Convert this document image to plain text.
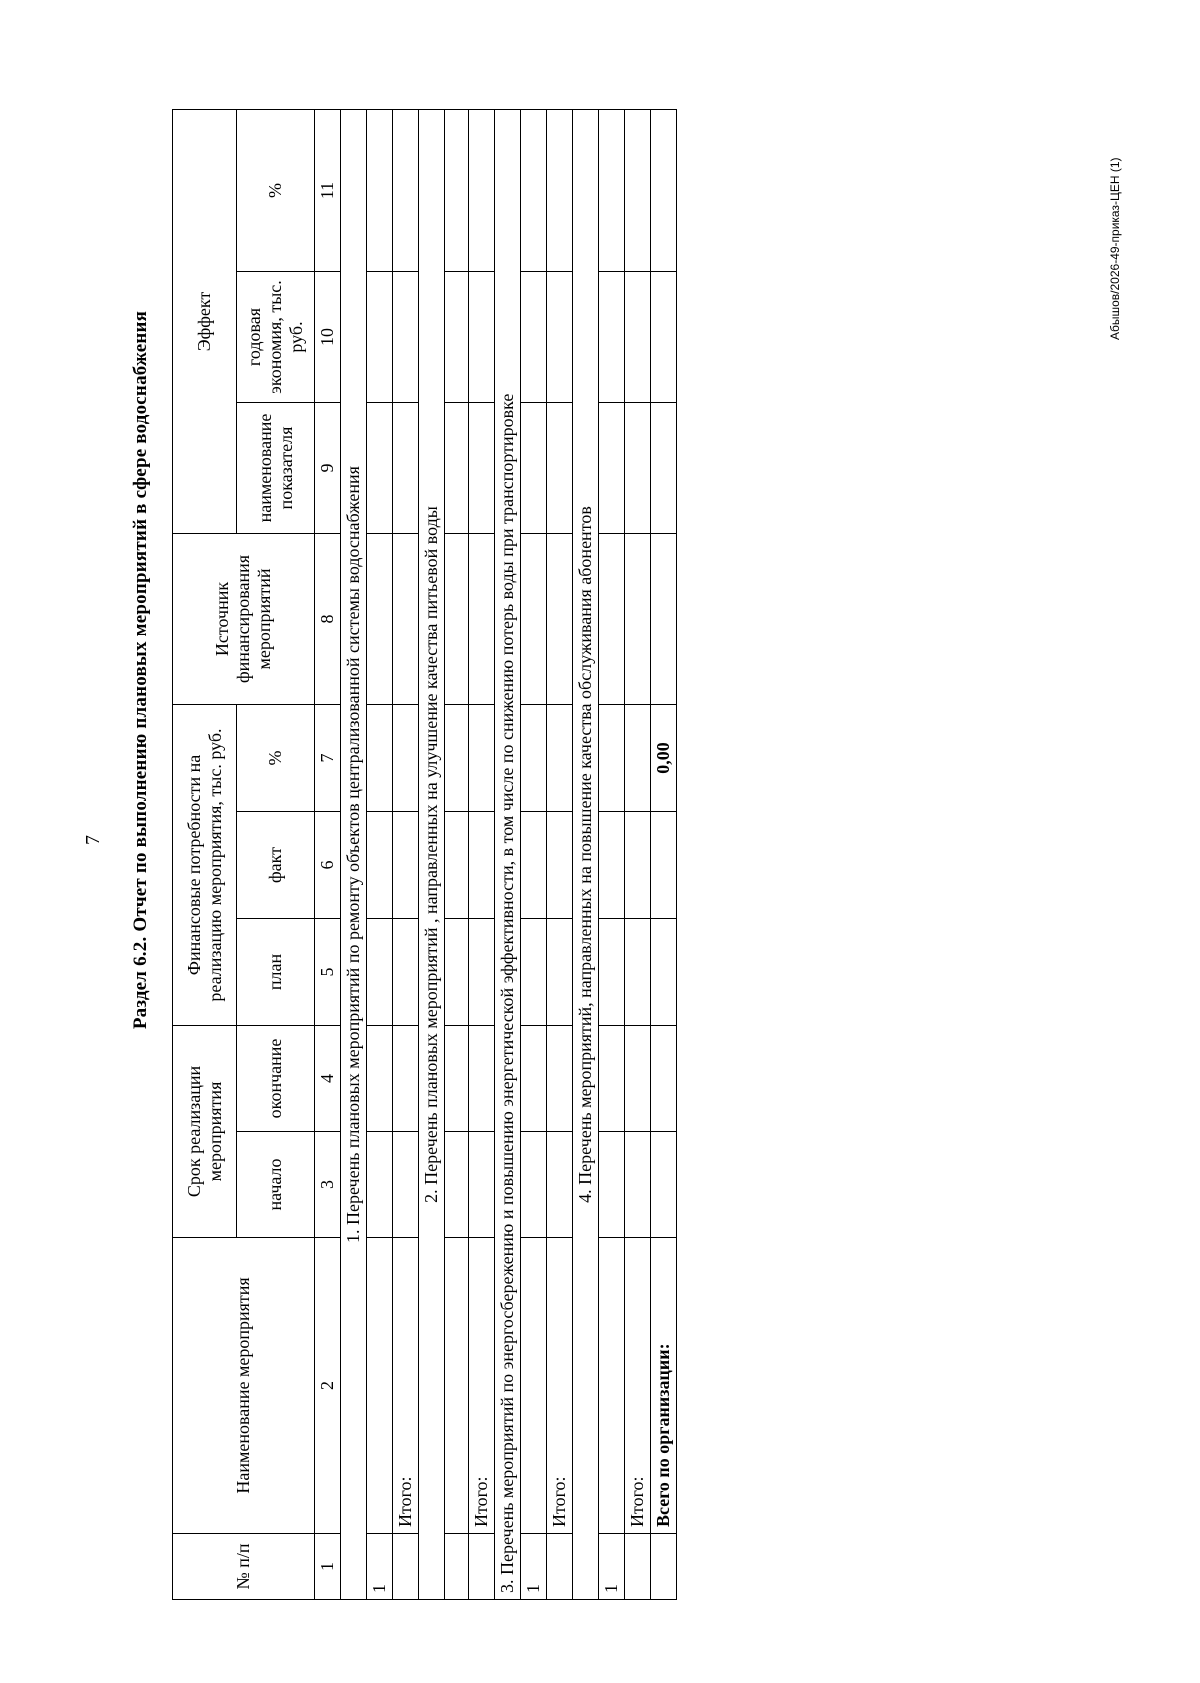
7
Абышов/2026-49-приказ-ЦЕН (1)
Раздел 6.2. Отчет по выполнению плановых мероприятий в сфере водоснабжения
№ п/п	Наименование мероприятия	Срок реализации мероприятия		Финансовые потребности на реализацию мероприятия, тыс. руб.			Источник финансирования мероприятий	Эффект		
		начало	окончание	план	факт	%		наименование показателя	годовая экономия, тыс. руб.	%
1	2	3	4	5	6	7	8	9	10	11
1. Перечень плановых мероприятий по ремонту объектов централизованной системы водоснабжения										
1										
	Итого:									
2. Перечень плановых мероприятий , направленных на улучшение качества питьевой воды										

	Итого:									
3. Перечень мероприятий по энергосбережению и повышению энергетической эффективности, в том числе по снижению потерь воды при транспортировке										
1										
	Итого:									
4. Перечень мероприятий, направленных на повышение качества обслуживания абонентов										
1										
	Итого:									
	Всего по организации:					0,00				
